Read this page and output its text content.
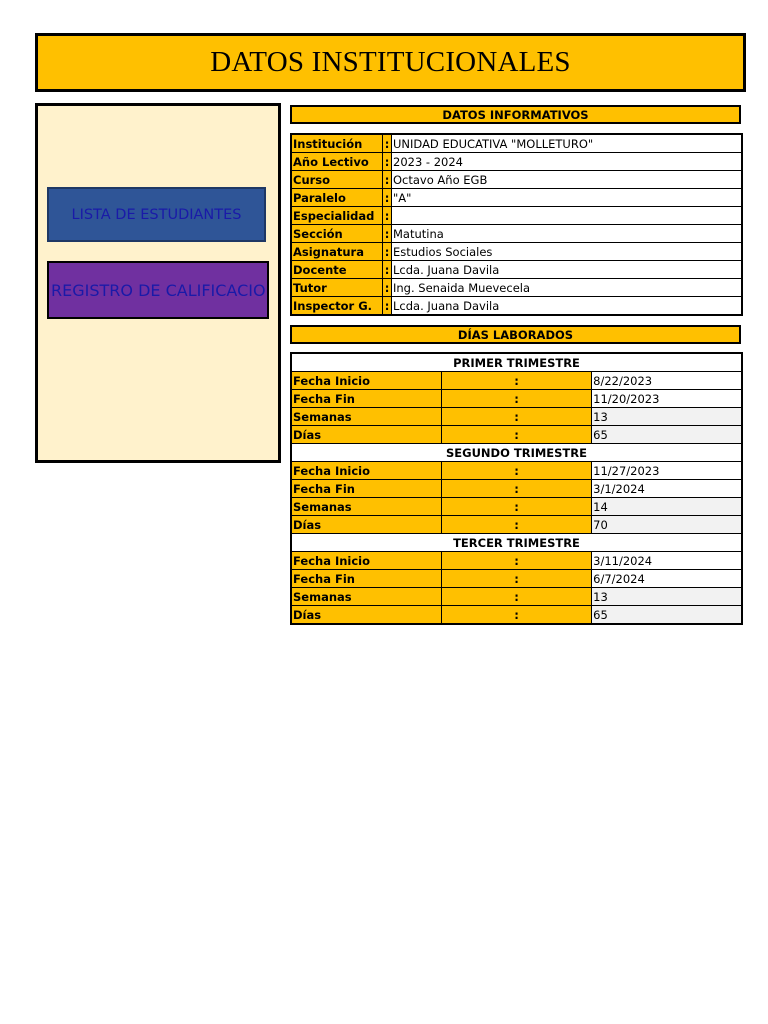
DATOS INSTITUCIONALES
LISTA DE ESTUDIANTES
REGISTRO DE CALIFICACIO
DATOS INFORMATIVOS
Institución	:	UNIDAD EDUCATIVA "MOLLETURO"
Año Lectivo	:	2023 - 2024
Curso	:	Octavo Año EGB
Paralelo	:	"A"
Especialidad	:	
Sección	:	Matutina
Asignatura	:	Estudios Sociales
Docente	:	Lcda. Juana Davila
Tutor	:	Ing. Senaida Muevecela
Inspector G.	:	Lcda. Juana Davila
DÍAS LABORADOS
PRIMER TRIMESTRE		
Fecha Inicio	:	8/22/2023
Fecha Fin	:	11/20/2023
Semanas	:	13
Días	:	65
SEGUNDO TRIMESTRE		
Fecha Inicio	:	11/27/2023
Fecha Fin	:	3/1/2024
Semanas	:	14
Días	:	70
TERCER TRIMESTRE		
Fecha Inicio	:	3/11/2024
Fecha Fin	:	6/7/2024
Semanas	:	13
Días	:	65
